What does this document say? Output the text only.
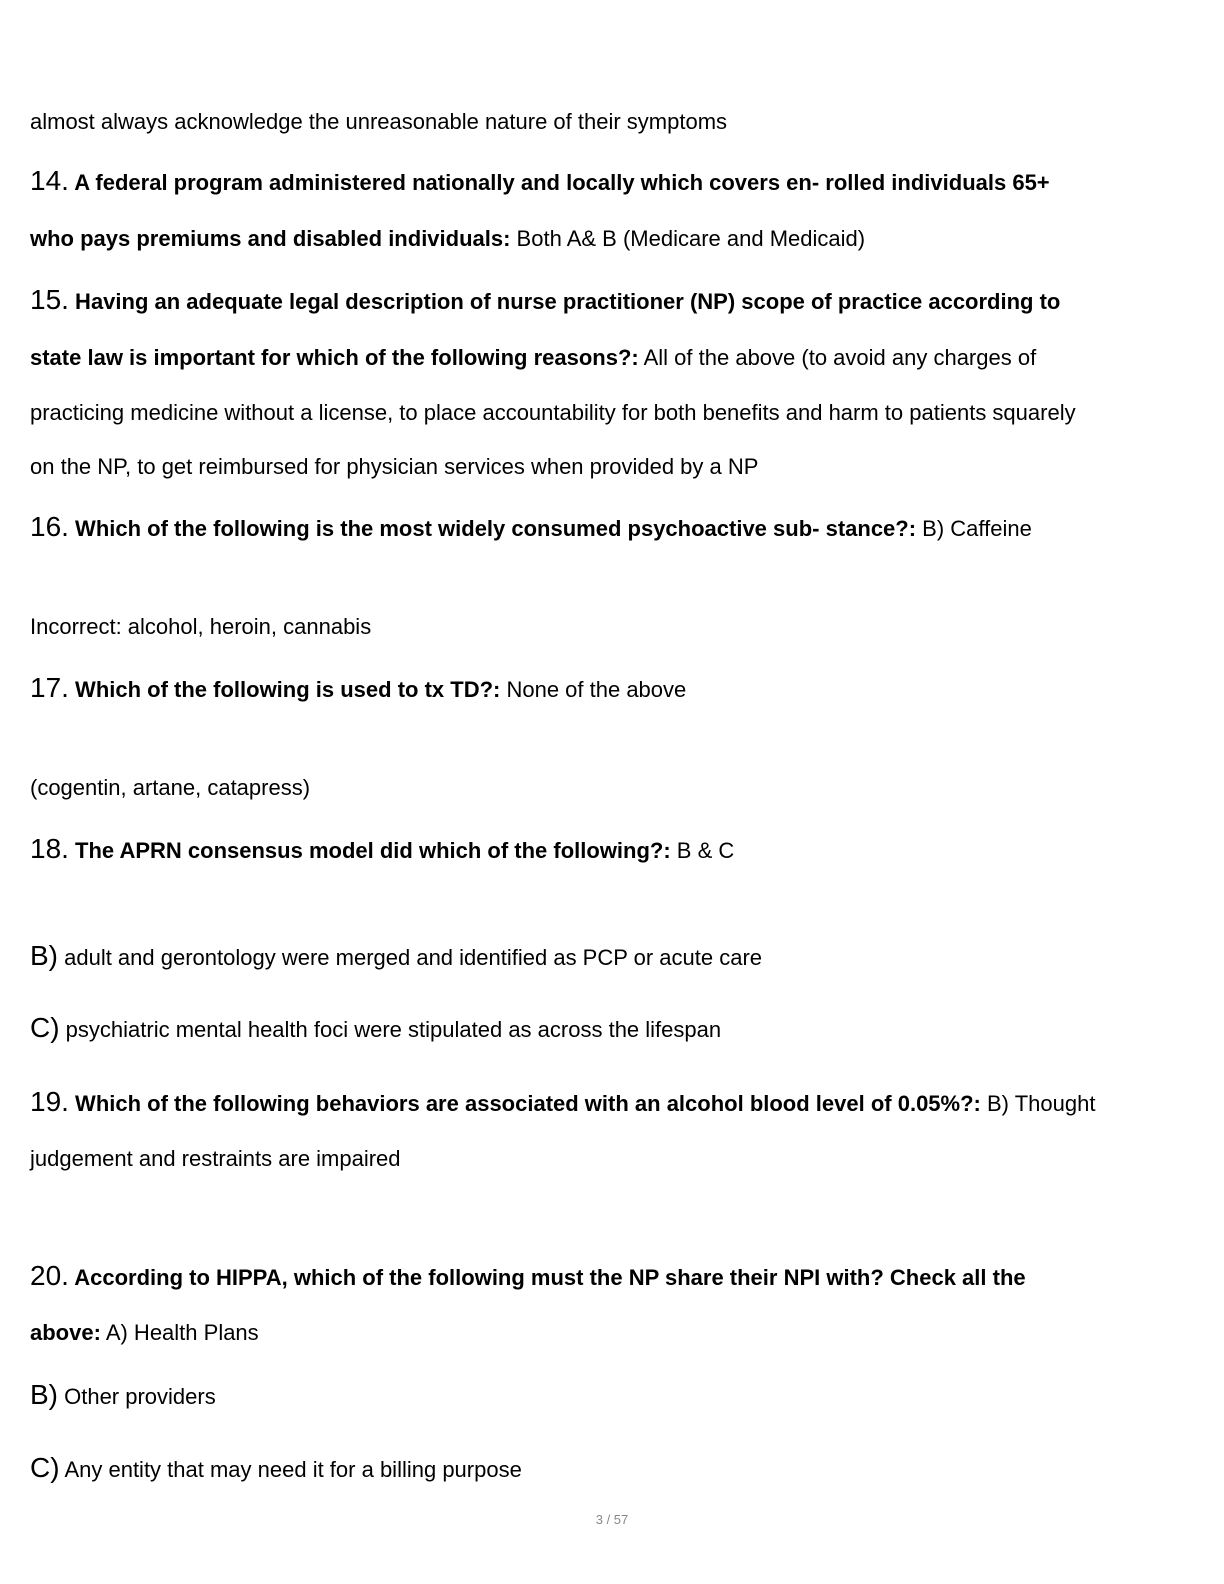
almost always acknowledge the unreasonable nature of their symptoms
14. A federal program administered nationally and locally which covers en- rolled individuals 65+
who pays premiums and disabled individuals: Both A& B (Medicare and Medicaid)
15. Having an adequate legal description of nurse practitioner (NP) scope of practice according to
state law is important for which of the following reasons?: All of the above (to avoid any charges of
practicing medicine without a license, to place accountability for both benefits and harm to patients squarely
on the NP, to get reimbursed for physician services when provided by a NP
16. Which of the following is the most widely consumed psychoactive sub- stance?: B) Caffeine
Incorrect: alcohol, heroin, cannabis
17. Which of the following is used to tx TD?: None of the above
(cogentin, artane, catapress)
18. The APRN consensus model did which of the following?: B & C
B) adult and gerontology were merged and identified as PCP or acute care
C) psychiatric mental health foci were stipulated as across the lifespan
19. Which of the following behaviors are associated with an alcohol blood level of 0.05%?: B) Thought
judgement and restraints are impaired
20. According to HIPPA, which of the following must the NP share their NPI with? Check all the
above: A) Health Plans
B) Other providers
C) Any entity that may need it for a billing purpose
3 / 57
